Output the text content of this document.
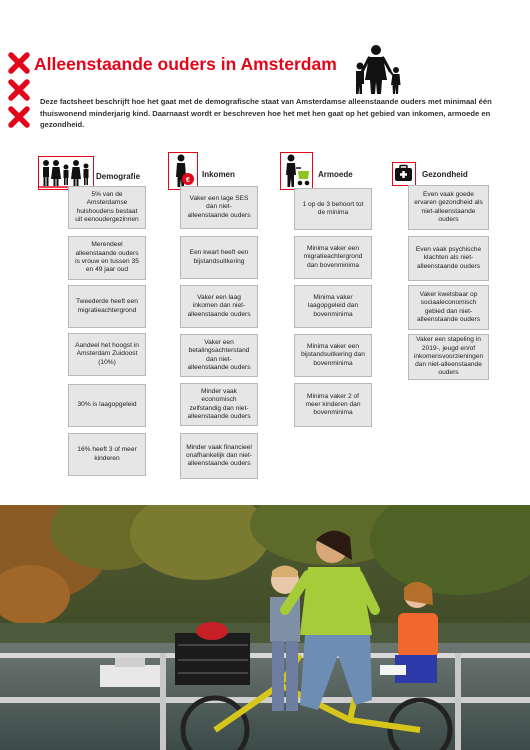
Alleenstaande ouders in Amsterdam

Deze factsheet beschrijft hoe het gaat met de demografische staat van Amsterdamse alleenstaande ouders met minimaal één thuiswonend minderjarig kind. Daarnaast wordt er beschreven hoe het met hen gaat op het gebied van inkomen, armoede en gezondheid.

Demografie	€
Inkomen	Armoede	Gezondheid
5% van de Amsterdamse huishoudens bestaat uit eenoudergezinnen
Merendeel alleenstaande ouders is vrouw en tussen 35 en 49 jaar oud
Tweederde heeft een migratieachtergrond
Aandeel het hoogst in Amsterdam Zuidoost (10%)
30% is laagopgeleid
16% heeft 3 of meer kinderen
Vaker een lage SES dan niet-alleenstaande ouders
Een kwart heeft een bijstandsuitkering
Vaker een laag inkomen dan niet-alleenstaande ouders
Vaker een betalingsachterstand dan niet-alleenstaande ouders
Minder vaak economisch zelfstandig dan niet-alleenstaande ouders
Minder vaak financieel onafhankelijk dan niet-alleenstaande ouders
1 op de 3 behoort tot de minima
Minima vaker een migratieachtergrond dan bovenminima
Minima vaker laagopgeleid dan bovenminima
Minima vaker een bijstandsuitkering dan bovenminima
Minima vaker 2 of meer kinderen dan bovenminima
Even vaak goede ervaren gezondheid als niet-alleenstaande ouders
Even vaak psychische klachten als niet-alleenstaande ouders
Vaker kwetsbaar op sociaaleconomisch gebied dan niet-alleenstaande ouders
Vaker een stapeling in 2019-, jeugd en/of inkomensvoorzieningen dan niet-alleenstaande ouders
